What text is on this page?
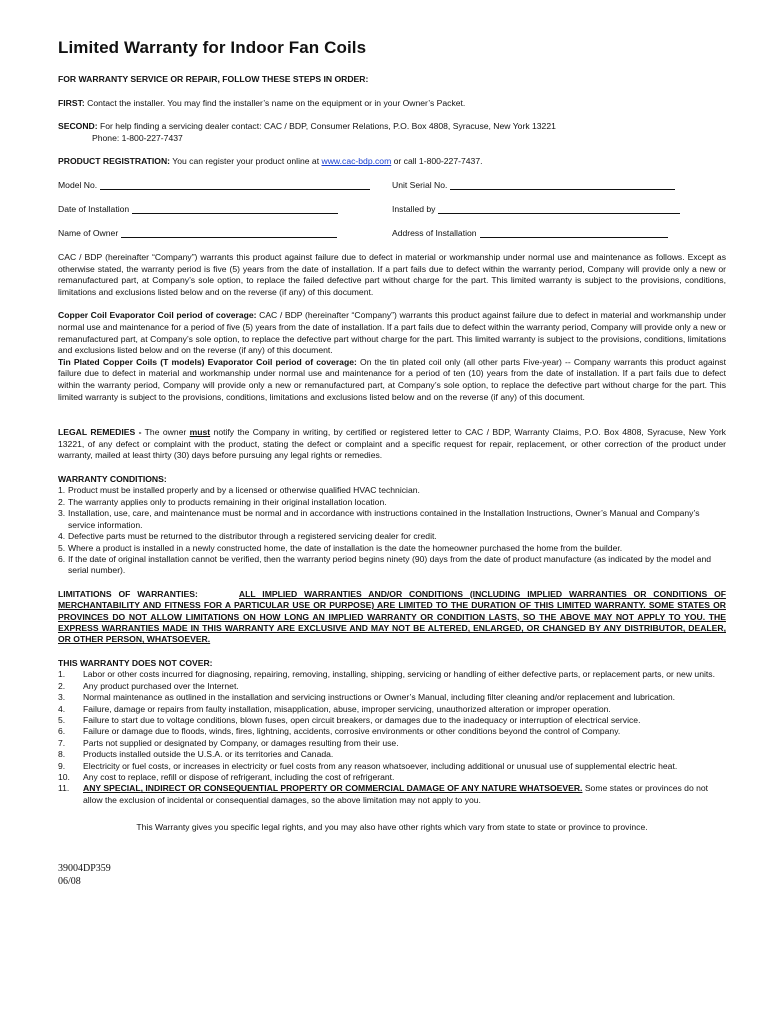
Limited Warranty for Indoor Fan Coils

FOR WARRANTY SERVICE OR REPAIR, FOLLOW THESE STEPS IN ORDER:

FIRST: Contact the installer. You may find the installer’s name on the equipment or in your Owner’s Packet.

SECOND: For help finding a servicing dealer contact: CAC / BDP, Consumer Relations, P.O. Box 4808, Syracuse, New York 13221

Phone: 1-800-227-7437

PRODUCT REGISTRATION: You can register your product online at www.cac-bdp.com or call 1-800-227-7437.

Model No.	Unit Serial No.
Date of Installation	Installed by
Name of Owner	Address of Installation

CAC / BDP (hereinafter “Company”) warrants this product against failure due to defect in material or workmanship under normal use and maintenance as follows. Except as otherwise stated, the warranty period is five (5) years from the date of installation. If a part fails due to defect within the warranty period, Company will provide only a new or remanufactured part, at Company’s sole option, to replace the failed defective part without charge for the part. This limited warranty is subject to the provisions, conditions, limitations and exclusions listed below and on the reverse (if any) of this document.

Copper Coil Evaporator Coil period of coverage: CAC / BDP (hereinafter “Company”) warrants this product against failure due to defect in material and workmanship under normal use and maintenance for a period of five (5) years from the date of installation. If a part fails due to defect within the warranty period, Company will provide only a new or remanufactured part, at Company’s sole option, to replace the defective part without charge for the part. This limited warranty is subject to the provisions, conditions, limitations and exclusions listed below and on the reverse (if any) of this document.

Tin Plated Copper Coils (T models) Evaporator Coil period of coverage: On the tin plated coil only (all other parts Five-year) -- Company warrants this product against failure due to defect in material and workmanship under normal use and maintenance for a period of ten (10) years from the date of installation. If a part fails due to defect within the warranty period, Company will provide only a new or remanufactured part, at Company’s sole option, to replace the defective part without charge for the part. This limited warranty is subject to the provisions, conditions, limitations and exclusions listed below and on the reverse (if any) of this document.

LEGAL REMEDIES - The owner must notify the Company in writing, by certified or registered letter to CAC / BDP, Warranty Claims, P.O. Box 4808, Syracuse, New York 13221, of any defect or complaint with the product, stating the defect or complaint and a specific request for repair, replacement, or other correction of the product under warranty, mailed at least thirty (30) days before pursuing any legal rights or remedies.

WARRANTY CONDITIONS:

1. Product must be installed properly and by a licensed or otherwise qualified HVAC technician.
2. The warranty applies only to products remaining in their original installation location.
3. Installation, use, care, and maintenance must be normal and in accordance with instructions contained in the Installation Instructions, Owner’s Manual and Company’s service information.
4. Defective parts must be returned to the distributor through a registered servicing dealer for credit.
5. Where a product is installed in a newly constructed home, the date of installation is the date the homeowner purchased the home from the builder.
6. If the date of original installation cannot be verified, then the warranty period begins ninety (90) days from the date of product manufacture (as indicated by the model and serial number).

LIMITATIONS OF WARRANTIES:	ALL IMPLIED WARRANTIES AND/OR CONDITIONS (INCLUDING IMPLIED WARRANTIES OR CONDITIONS OF MERCHANTABILITY AND FITNESS FOR A PARTICULAR USE OR PURPOSE) ARE LIMITED TO THE DURATION OF THIS LIMITED WARRANTY. SOME STATES OR PROVINCES DO NOT ALLOW LIMITATIONS ON HOW LONG AN IMPLIED WARRANTY OR CONDITION LASTS, SO THE ABOVE MAY NOT APPLY TO YOU. THE EXPRESS WARRANTIES MADE IN THIS WARRANTY ARE EXCLUSIVE AND MAY NOT BE ALTERED, ENLARGED, OR CHANGED BY ANY DISTRIBUTOR, DEALER, OR OTHER PERSON, WHATSOEVER.

THIS WARRANTY DOES NOT COVER:

1. Labor or other costs incurred for diagnosing, repairing, removing, installing, shipping, servicing or handling of either defective parts, or replacement parts, or new units.
2. Any product purchased over the Internet.
3. Normal maintenance as outlined in the installation and servicing instructions or Owner’s Manual, including filter cleaning and/or replacement and lubrication.
4. Failure, damage or repairs from faulty installation, misapplication, abuse, improper servicing, unauthorized alteration or improper operation.
5. Failure to start due to voltage conditions, blown fuses, open circuit breakers, or damages due to the inadequacy or interruption of electrical service.
6. Failure or damage due to floods, winds, fires, lightning, accidents, corrosive environments or other conditions beyond the control of Company.
7. Parts not supplied or designated by Company, or damages resulting from their use.
8. Products installed outside the U.S.A. or its territories and Canada.
9. Electricity or fuel costs, or increases in electricity or fuel costs from any reason whatsoever, including additional or unusual use of supplemental electric heat.
10. Any cost to replace, refill or dispose of refrigerant, including the cost of refrigerant.
11. ANY SPECIAL, INDIRECT OR CONSEQUENTIAL PROPERTY OR COMMERCIAL DAMAGE OF ANY NATURE WHATSOEVER. Some states or provinces do not allow the exclusion of incidental or consequential damages, so the above limitation may not apply to you.

This Warranty gives you specific legal rights, and you may also have other rights which vary from state to state or province to province.

39004DP359
06/08
